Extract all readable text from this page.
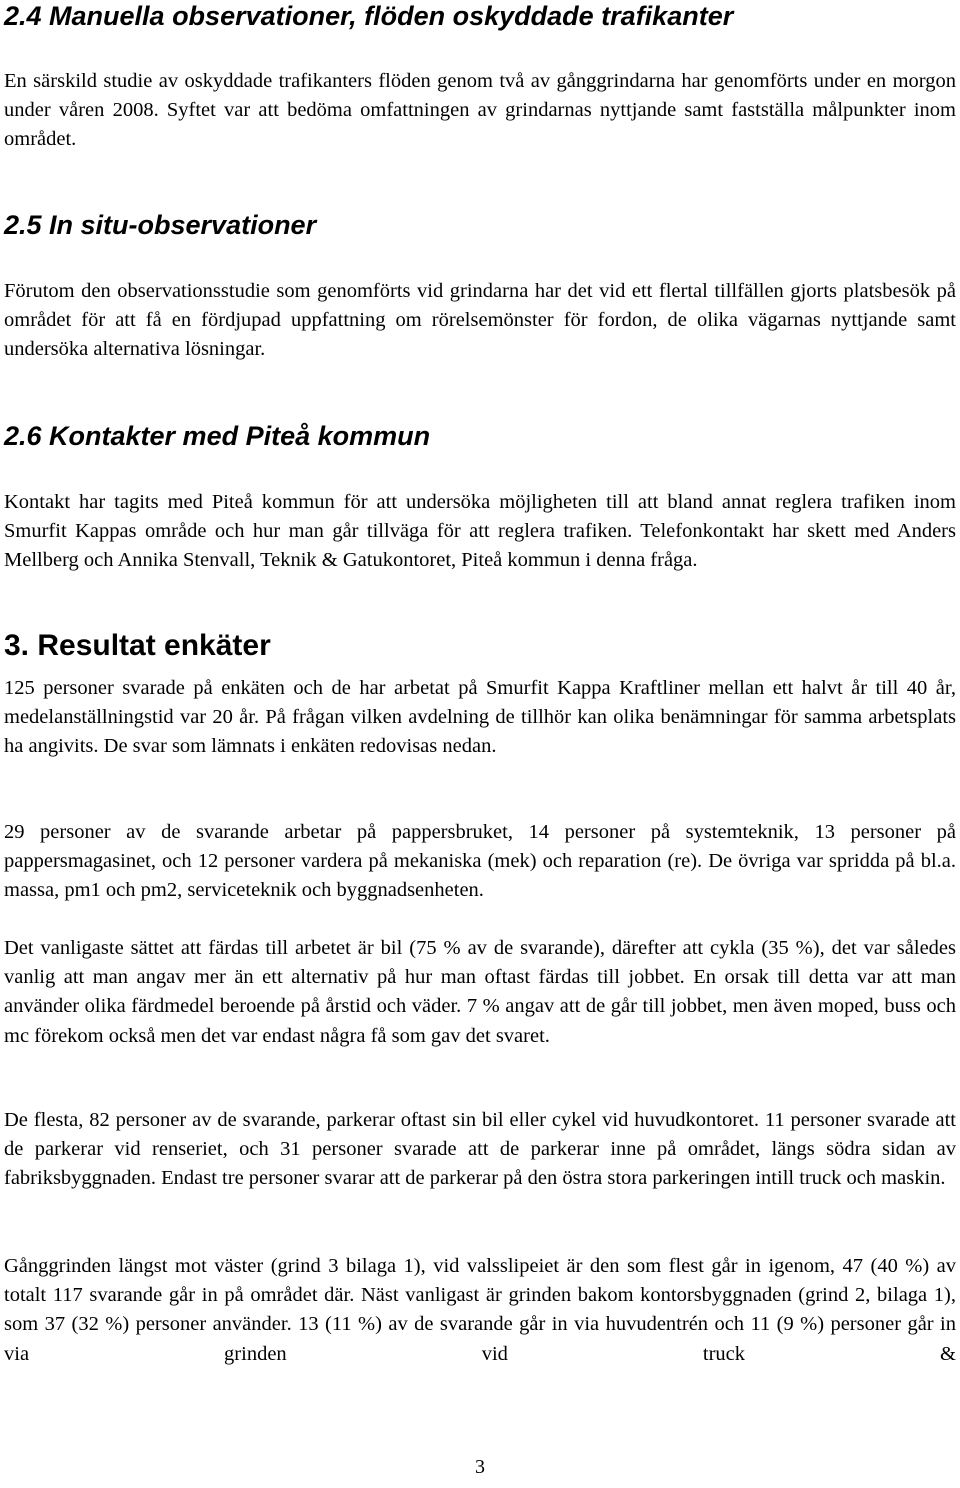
2.4 Manuella observationer, flöden oskyddade trafikanter

En särskild studie av oskyddade trafikanters flöden genom två av gånggrindarna har genomförts under en morgon under våren 2008. Syftet var att bedöma omfattningen av grindarnas nyttjande samt fastställa målpunkter inom området.

2.5 In situ-observationer

Förutom den observationsstudie som genomförts vid grindarna har det vid ett flertal tillfällen gjorts platsbesök på området för att få en fördjupad uppfattning om rörelsemönster för fordon, de olika vägarnas nyttjande samt undersöka alternativa lösningar.

2.6 Kontakter med Piteå kommun

Kontakt har tagits med Piteå kommun för att undersöka möjligheten till att bland annat reglera trafiken inom Smurfit Kappas område och hur man går tillväga för att reglera trafiken. Telefonkontakt har skett med Anders Mellberg och Annika Stenvall, Teknik & Gatukontoret, Piteå kommun i denna fråga.

3. Resultat enkäter

125 personer svarade på enkäten och de har arbetat på Smurfit Kappa Kraftliner mellan ett halvt år till 40 år, medelanställningstid var 20 år. På frågan vilken avdelning de tillhör kan olika benämningar för samma arbetsplats ha angivits. De svar som lämnats i enkäten redovisas nedan.

29 personer av de svarande arbetar på pappersbruket, 14 personer på systemteknik, 13 personer på pappersmagasinet, och 12 personer vardera på mekaniska (mek) och reparation (re). De övriga var spridda på bl.a. massa, pm1 och pm2, serviceteknik och byggnadsenheten.

Det vanligaste sättet att färdas till arbetet är bil (75 % av de svarande), därefter att cykla (35 %), det var således vanlig att man angav mer än ett alternativ på hur man oftast färdas till jobbet. En orsak till detta var att man använder olika färdmedel beroende på årstid och väder. 7 % angav att de går till jobbet, men även moped, buss och mc förekom också men det var endast några få som gav det svaret.

De flesta, 82 personer av de svarande, parkerar oftast sin bil eller cykel vid huvudkontoret. 11 personer svarade att de parkerar vid renseriet, och 31 personer svarade att de parkerar inne på området, längs södra sidan av fabriksbyggnaden. Endast tre personer svarar att de parkerar på den östra stora parkeringen intill truck och maskin.

Gånggrinden längst mot väster (grind 3 bilaga 1), vid valsslipeiet är den som flest går in igenom, 47 (40 %) av totalt 117 svarande går in på området där. Näst vanligast är grinden bakom kontorsbyggnaden (grind 2, bilaga 1), som 37 (32 %) personer använder. 13 (11 %) av de svarande går in via huvudentrén och 11 (9 %) personer går in via grinden vid truck &

3
